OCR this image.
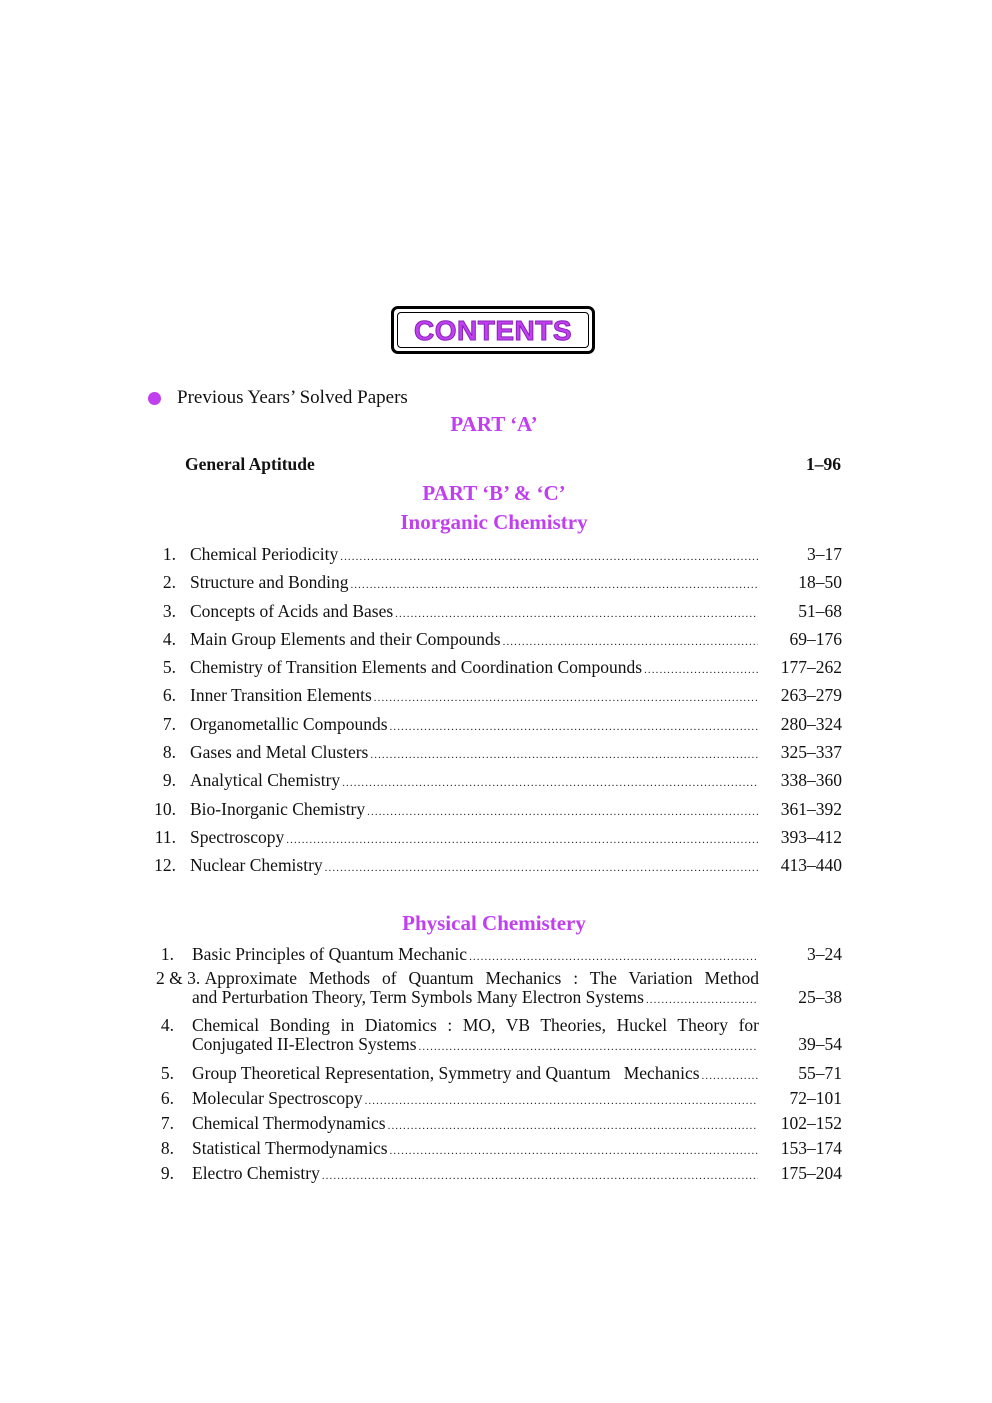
CONTENTS
Previous Years’ Solved Papers
PART ‘A’
General Aptitude	1–96
PART ‘B’ & ‘C’
Inorganic Chemistry
1. Chemical Periodicity .....	3–17
2. Structure and Bonding .....	18–50
3. Concepts of Acids and Bases .....	51–68
4. Main Group Elements and their Compounds .....	69–176
5. Chemistry of Transition Elements and Coordination Compounds .....	177–262
6. Inner Transition Elements .....	263–279
7. Organometallic Compounds .....	280–324
8. Gases and Metal Clusters .....	325–337
9. Analytical Chemistry .....	338–360
10. Bio-Inorganic Chemistry .....	361–392
11. Spectroscopy .....	393–412
12. Nuclear Chemistry .....	413–440
Physical Chemistery
1. Basic Principles of Quantum Mechanic .....	3–24
2 & 3.
Approximate Methods of Quantum Mechanics : The Variation Method
and Perturbation Theory, Term Symbols Many Electron Systems .....	25–38
4. Chemical Bonding in Diatomics : MO, VB Theories, Huckel Theory for
Conjugated II-Electron Systems .....	39–54
5. Group Theoretical Representation, Symmetry and Quantum   Mechanics .....	55–71
6. Molecular Spectroscopy .....	72–101
7. Chemical Thermodynamics .....	102–152
8. Statistical Thermodynamics .....	153–174
9. Electro Chemistry .....	175–204
